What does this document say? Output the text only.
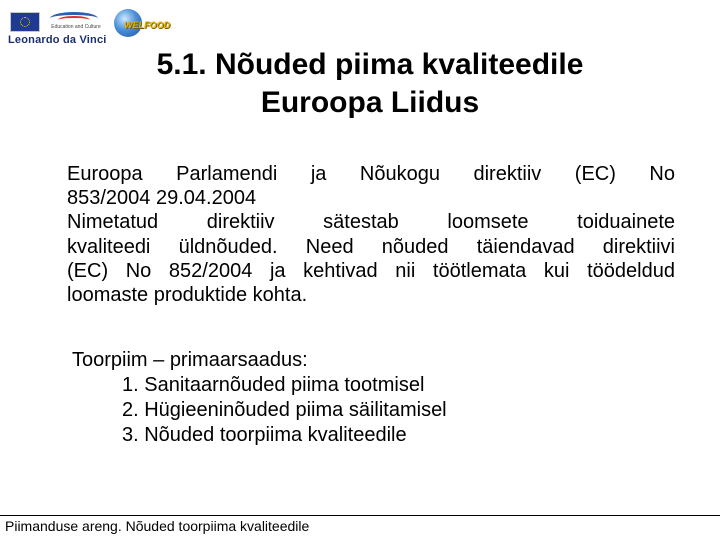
Education and Culture
Leonardo da Vinci
WELFOOD
5.1. Nõuded piima kvaliteedile
Euroopa Liidus
Euroopa Parlamendi ja Nõukogu direktiiv (EC) No
853/2004 29.04.2004
Nimetatud direktiiv sätestab loomsete toiduainete
kvaliteedi üldnõuded. Need nõuded täiendavad direktiivi
(EC) No 852/2004 ja kehtivad nii töötlemata kui töödeldud
loomaste produktide kohta.
Toorpiim – primaarsaadus:
1. Sanitaarnõuded piima tootmisel
2. Hügieeninõuded piima säilitamisel
3. Nõuded toorpiima kvaliteedile
Piimanduse areng. Nõuded toorpiima kvaliteedile
